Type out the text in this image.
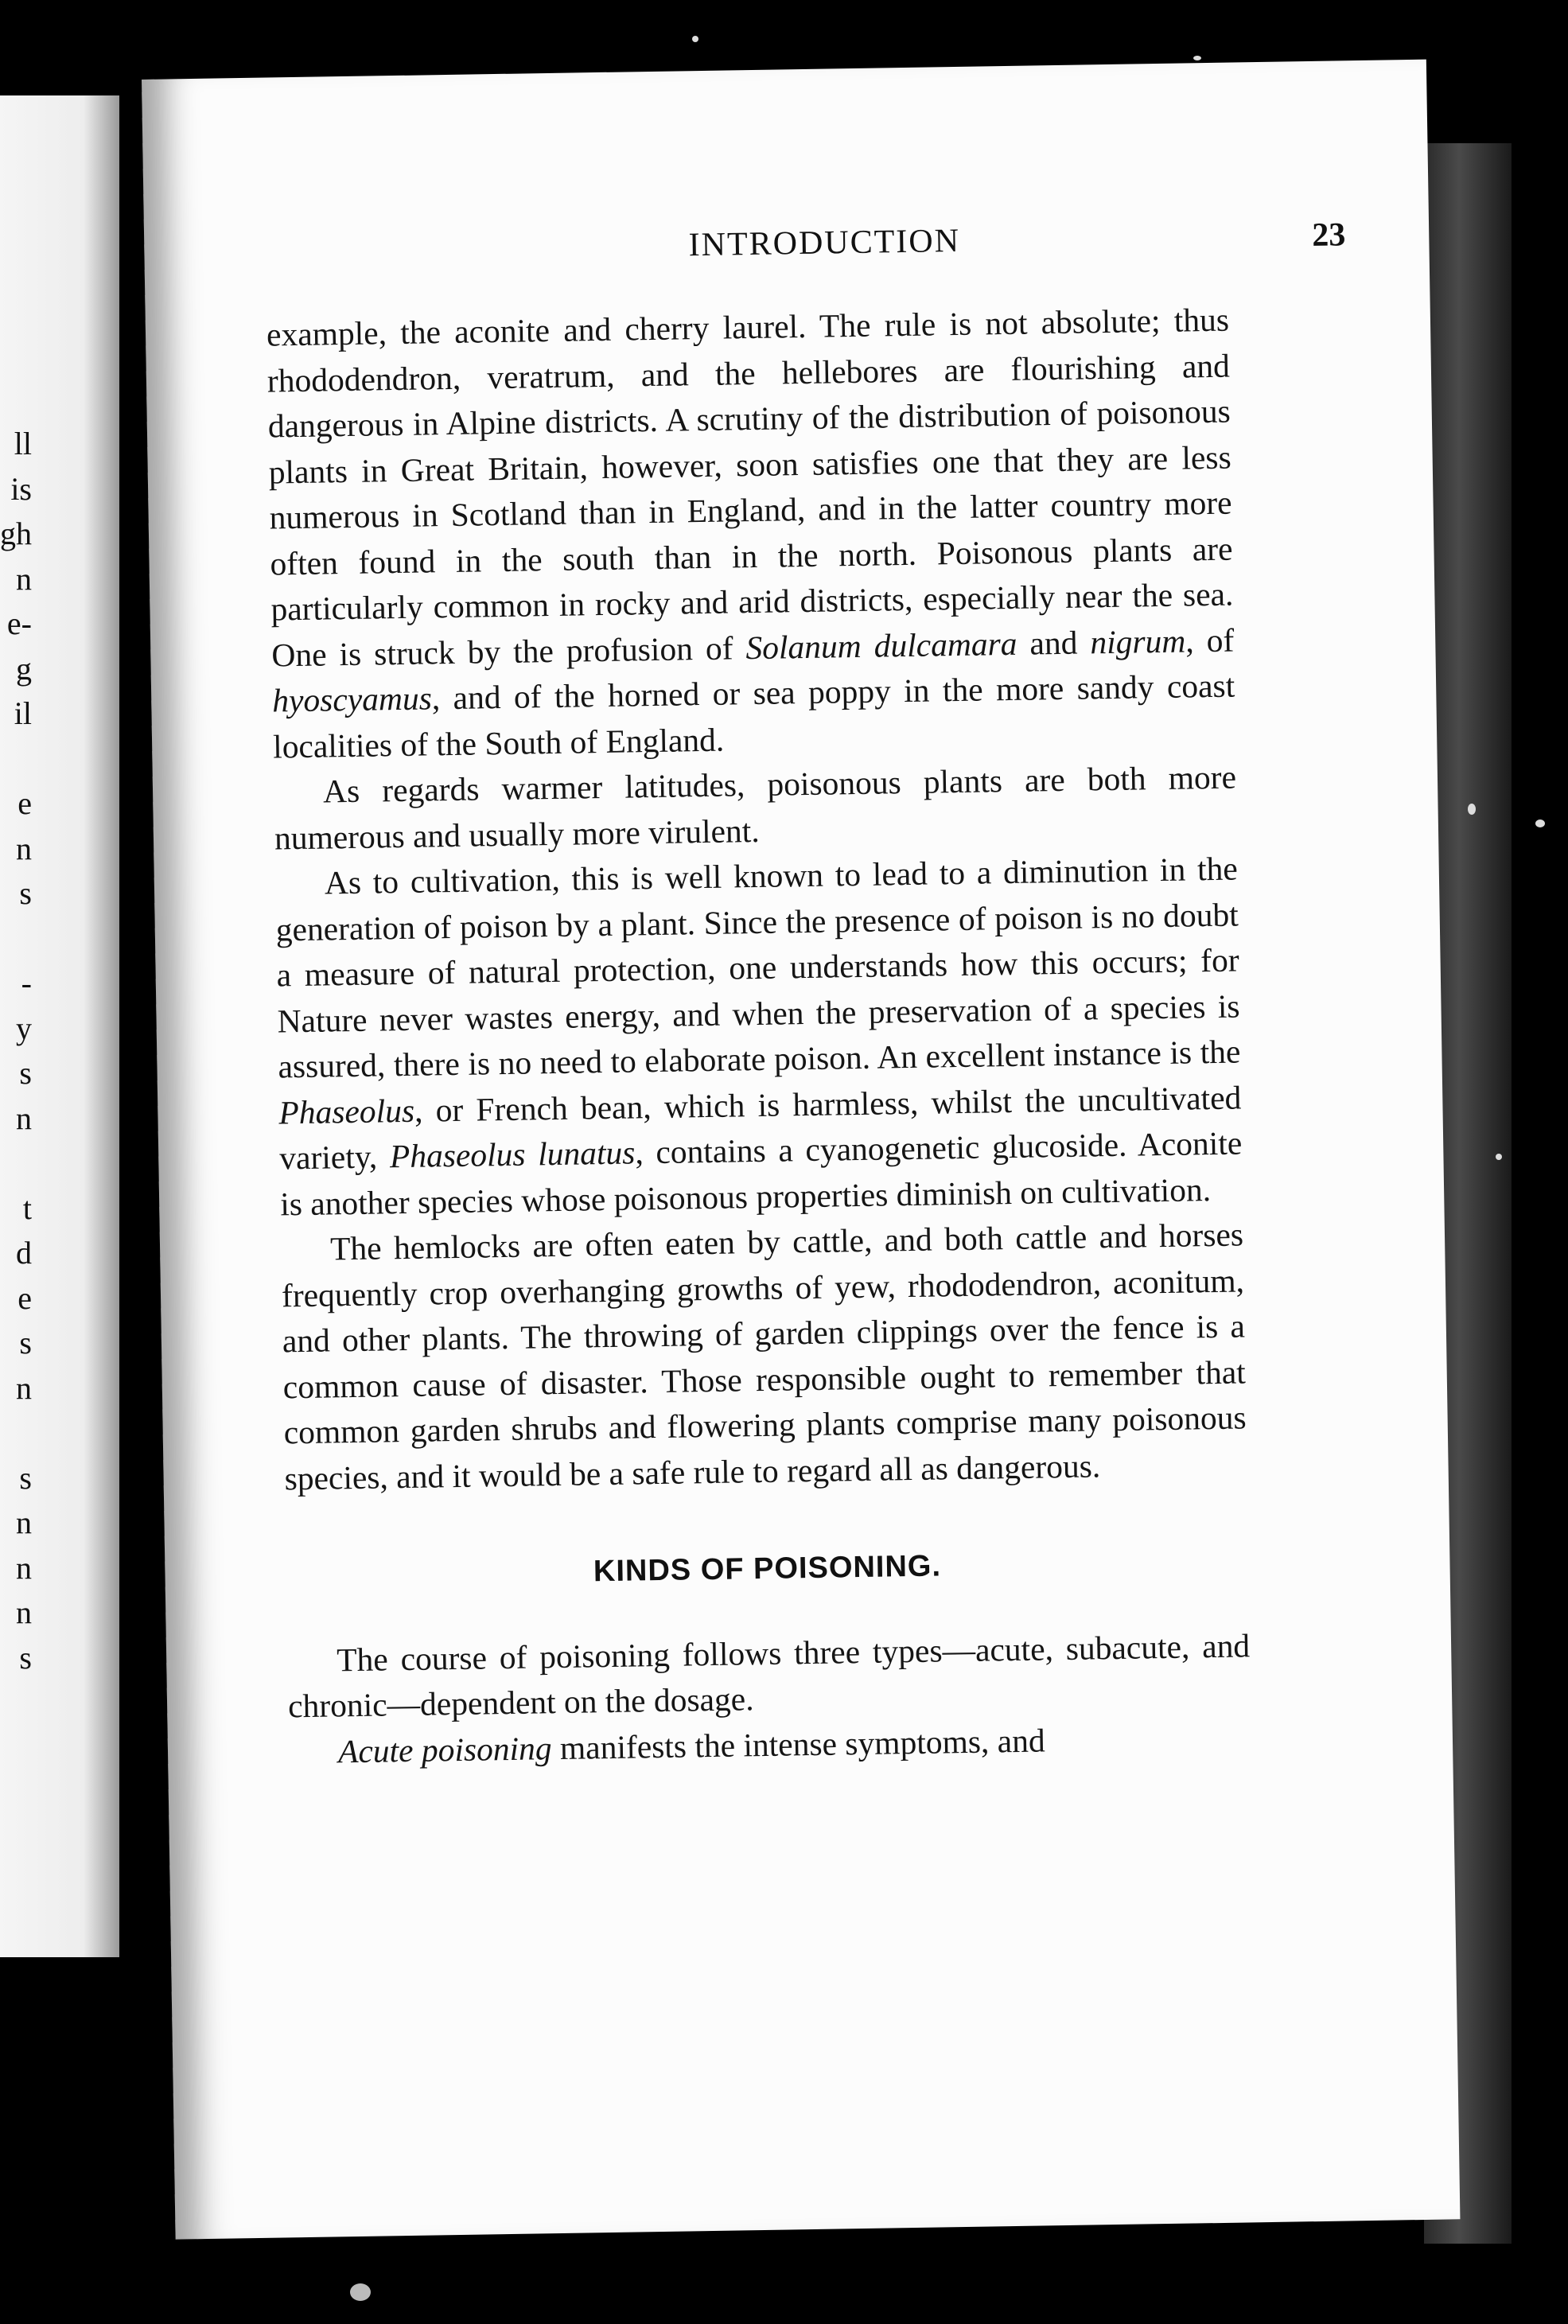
ll
is
gh
n
e-
g
il
e
n
s
-
y
s
n
t
d
e
s
n
s
n
n
n
s
INTRODUCTION	23

example, the aconite and cherry laurel. The rule is not absolute; thus rhododendron, veratrum, and the hellebores are flourishing and dangerous in Alpine districts. A scrutiny of the distribution of poisonous plants in Great Britain, however, soon satisfies one that they are less numerous in Scotland than in England, and in the latter country more often found in the south than in the north. Poisonous plants are particularly common in rocky and arid districts, especially near the sea. One is struck by the profusion of Solanum dulcamara and nigrum, of hyoscyamus, and of the horned or sea poppy in the more sandy coast localities of the South of England.

As regards warmer latitudes, poisonous plants are both more numerous and usually more virulent.

As to cultivation, this is well known to lead to a diminution in the generation of poison by a plant. Since the presence of poison is no doubt a measure of natural protection, one understands how this occurs; for Nature never wastes energy, and when the preservation of a species is assured, there is no need to elaborate poison. An excellent instance is the Phaseolus, or French bean, which is harmless, whilst the uncultivated variety, Phaseolus lunatus, contains a cyanogenetic glucoside. Aconite is another species whose poisonous properties diminish on cultivation.

The hemlocks are often eaten by cattle, and both cattle and horses frequently crop overhanging growths of yew, rhododendron, aconitum, and other plants. The throwing of garden clippings over the fence is a common cause of disaster. Those responsible ought to remember that common garden shrubs and flowering plants comprise many poisonous species, and it would be a safe rule to regard all as dangerous.

KINDS OF POISONING.

The course of poisoning follows three types—acute, subacute, and chronic—dependent on the dosage.

Acute poisoning manifests the intense symptoms, and
